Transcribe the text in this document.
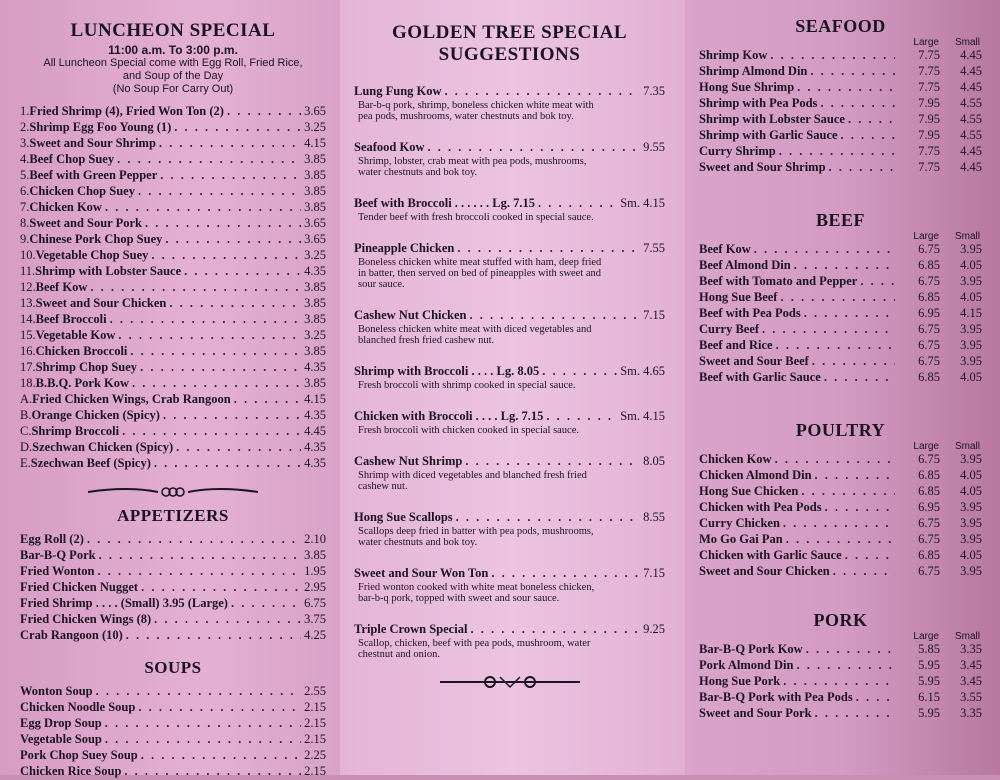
LUNCHEON SPECIAL
11:00 a.m. To 3:00 p.m.
All Luncheon Special come with Egg Roll, Fried Rice,
and Soup of the Day
(No Soup For Carry Out)
1. Fried Shrimp (4), Fried Won Ton (2) . . .	3.65
2. Shrimp Egg Foo Young (1) . . .	3.25
3. Sweet and Sour Shrimp . . .	4.15
4. Beef Chop Suey . . .	3.85
5. Beef with Green Pepper . . .	3.85
6. Chicken Chop Suey . . .	3.85
7. Chicken Kow . . .	3.85
8. Sweet and Sour Pork . . .	3.65
9. Chinese Pork Chop Suey . . .	3.65
10. Vegetable Chop Suey . . .	3.25
11. Shrimp with Lobster Sauce . . .	4.35
12. Beef Kow . . .	3.85
13. Sweet and Sour Chicken . . .	3.85
14. Beef Broccoli . . .	3.85
15. Vegetable Kow . . .	3.25
16. Chicken Broccoli . . .	3.85
17. Shrimp Chop Suey . . .	4.35
18. B.B.Q. Pork Kow . . .	3.85
A. Fried Chicken Wings, Crab Rangoon . . .	4.15
B. Orange Chicken (Spicy) . . .	4.35
C. Shrimp Broccoli . . .	4.45
D. Szechwan Chicken (Spicy) . . .	4.35
E. Szechwan Beef (Spicy) . . .	4.35
APPETIZERS
Egg Roll (2) . . .	2.10
Bar-B-Q Pork . . .	3.85
Fried Wonton . . .	1.95
Fried Chicken Nugget . . .	2.95
Fried Shrimp . . . . (Small) 3.95 (Large) . . .	6.75
Fried Chicken Wings (8) . . .	3.75
Crab Rangoon (10) . . .	4.25
SOUPS
Wonton Soup . . .	2.55
Chicken Noodle Soup . . .	2.15
Egg Drop Soup . . .	2.15
Vegetable Soup . . .	2.15
Pork Chop Suey Soup . . .	2.25
Chicken Rice Soup . . .	2.15
GOLDEN TREE SPECIAL
SUGGESTIONS
Lung Fung Kow . . .	7.35
Bar-b-q pork, shrimp, boneless chicken white meat with pea pods, mushrooms, water chestnuts and bok toy.
Seafood Kow . . .	9.55
Shrimp, lobster, crab meat with pea pods, mushrooms, water chestnuts and bok toy.
Beef with Broccoli . . . . . . Lg. 7.15 . . .	Sm. 4.15
Tender beef with fresh broccoli cooked in special sauce.
Pineapple Chicken . . .	7.55
Boneless chicken white meat stuffed with ham, deep fried in batter, then served on bed of pineapples with sweet and sour sauce.
Cashew Nut Chicken . . .	7.15
Boneless chicken white meat with diced vegetables and blanched fresh fried cashew nut.
Shrimp with Broccoli . . . . Lg. 8.05 . . .	Sm. 4.65
Fresh broccoli with shrimp cooked in special sauce.
Chicken with Broccoli . . . . Lg. 7.15 . . .	Sm. 4.15
Fresh broccoli with chicken cooked in special sauce.
Cashew Nut Shrimp . . .	8.05
Shrimp with diced vegetables and blanched fresh fried cashew nut.
Hong Sue Scallops . . .	8.55
Scallops deep fried in batter with pea pods, mushrooms, water chestnuts and bok toy.
Sweet and Sour Won Ton . . .	7.15
Fried wonton cooked with white meat boneless chicken, bar-b-q pork, topped with sweet and sour sauce.
Triple Crown Special . . .	9.25
Scallop, chicken, beef with pea pods, mushroom, water chestnut and onion.
SEAFOOD
Large Small
Shrimp Kow . . .	7.75	4.45
Shrimp Almond Din . . .	7.75	4.45
Hong Sue Shrimp . . .	7.75	4.45
Shrimp with Pea Pods . . .	7.95	4.55
Shrimp with Lobster Sauce . . .	7.95	4.55
Shrimp with Garlic Sauce . . .	7.95	4.55
Curry Shrimp . . .	7.75	4.45
Sweet and Sour Shrimp . . .	7.75	4.45
BEEF
Large Small
Beef Kow . . .	6.75	3.95
Beef Almond Din . . .	6.85	4.05
Beef with Tomato and Pepper . . .	6.75	3.95
Hong Sue Beef . . .	6.85	4.05
Beef with Pea Pods . . .	6.95	4.15
Curry Beef . . .	6.75	3.95
Beef and Rice . . .	6.75	3.95
Sweet and Sour Beef . . .	6.75	3.95
Beef with Garlic Sauce . . .	6.85	4.05
POULTRY
Large Small
Chicken Kow . . .	6.75	3.95
Chicken Almond Din . . .	6.85	4.05
Hong Sue Chicken . . .	6.85	4.05
Chicken with Pea Pods . . .	6.95	3.95
Curry Chicken . . .	6.75	3.95
Mo Go Gai Pan . . .	6.75	3.95
Chicken with Garlic Sauce . . .	6.85	4.05
Sweet and Sour Chicken . . .	6.75	3.95
PORK
Large Small
Bar-B-Q Pork Kow . . .	5.85	3.35
Pork Almond Din . . .	5.95	3.45
Hong Sue Pork . . .	5.95	3.45
Bar-B-Q Pork with Pea Pods . . .	6.15	3.55
Sweet and Sour Pork . . .	5.95	3.35
